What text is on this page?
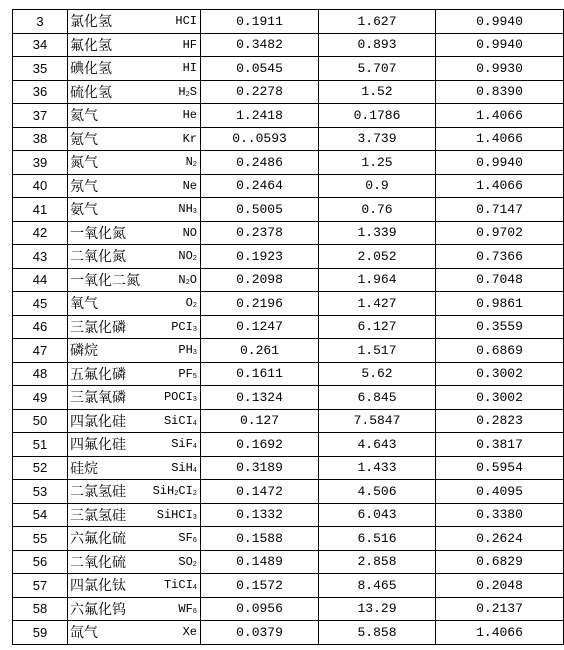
3	氯化氢 HCI	0.1911	1.627	0.9940
34	氟化氢 HF	0.3482	0.893	0.9940
35	碘化氢 HI	0.0545	5.707	0.9930
36	硫化氢 $H_2S$	0.2278	1.52	0.8390
37	氦气 He	1.2418	0.1786	1.4066
38	氪气 Kr	0..0593	3.739	1.4066
39	氮气 $N_2$	0.2486	1.25	0.9940
40	氖气 Ne	0.2464	0.9	1.4066
41	氨气 $NH_3$	0.5005	0.76	0.7147
42	一氧化氮 NO	0.2378	1.339	0.9702
43	二氧化氮 $NO_2$	0.1923	2.052	0.7366
44	一氧化二氮 $N_2O$	0.2098	1.964	0.7048
45	氧气 $O_2$	0.2196	1.427	0.9861
46	三氯化磷 $PCI_3$	0.1247	6.127	0.3559
47	磷烷 $PH_3$	0.261	1.517	0.6869
48	五氟化磷 $PF_5$	0.1611	5.62	0.3002
49	三氯氧磷 $POCI_3$	0.1324	6.845	0.3002
50	四氯化硅 SiCI$_4$	0.127	7.5847	0.2823
51	四氟化硅 SiF$_4$	0.1692	4.643	0.3817
52	硅烷 SiH$_4$	0.3189	1.433	0.5954
53	二氯氢硅 $SiH_2CI_2$	0.1472	4.506	0.4095
54	三氯氢硅 SiHCI$_3$	0.1332	6.043	0.3380
55	六氟化硫 $SF_6$	0.1588	6.516	0.2624
56	二氧化硫 $SO_2$	0.1489	2.858	0.6829
57	四氯化钛 TiCI$_4$	0.1572	8.465	0.2048
58	六氟化钨 $WF_6$	0.0956	13.29	0.2137
59	氙气 Xe	0.0379	5.858	1.4066
